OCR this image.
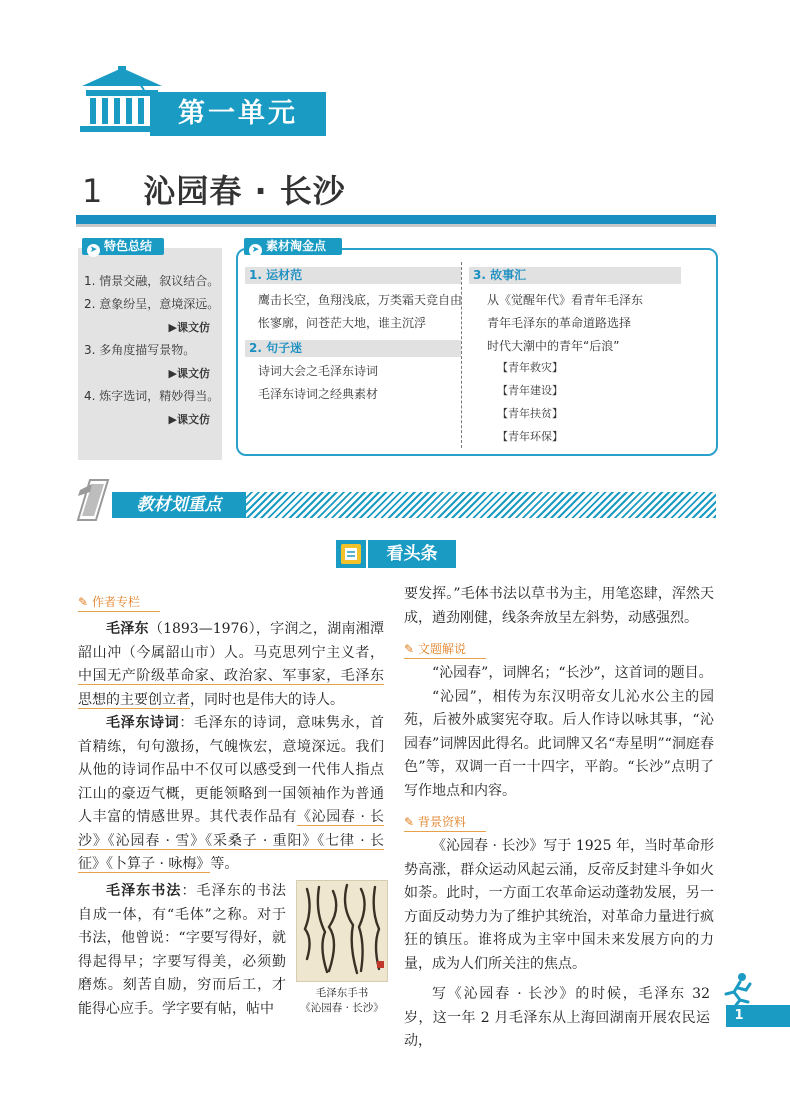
第一单元
1 沁园春 · 长沙
➤ 特色总结
1. 情景交融，叙议结合。
2. 意象纷呈，意境深远。
▶课文仿
3. 多角度描写景物。
▶课文仿
4. 炼字选词，精妙得当。
▶课文仿
➤ 素材淘金点
1. 运材范
鹰击长空，鱼翔浅底，万类霜天竞自由
怅寥廓，问苍茫大地，谁主沉浮
2. 句子迷
诗词大会之毛泽东诗词
毛泽东诗词之经典素材
3. 故事汇
从《觉醒年代》看青年毛泽东
青年毛泽东的革命道路选择
时代大潮中的青年“后浪”
【青年救灾】
【青年建设】
【青年扶贫】
【青年环保】
教材划重点
看头条
✎ 作者专栏

毛泽东（1893—1976），字润之，湖南湘潭韶山冲（今属韶山市）人。马克思列宁主义者，中国无产阶级革命家、政治家、军事家，毛泽东思想的主要创立者，同时也是伟大的诗人。

毛泽东诗词：毛泽东的诗词，意味隽永，首首精练，句句激扬，气魄恢宏，意境深远。我们从他的诗词作品中不仅可以感受到一代伟人指点江山的豪迈气概，更能领略到一国领袖作为普通人丰富的情感世界。其代表作品有《沁园春 · 长沙》《沁园春 · 雪》《采桑子 · 重阳》《七律 · 长征》《卜算子 · 咏梅》等。

毛泽东书法：毛泽东的书法自成一体，有“毛体”之称。对于书法，他曾说：“字要写得好，就得起得早；字要写得美，必须勤磨炼。刻苦自励，穷而后工，才能得心应手。学字要有帖，帖中

毛泽东手书
《沁园春 · 长沙》

要发挥。”毛体书法以草书为主，用笔恣肆，浑然天成，遒劲刚健，线条奔放呈左斜势，动感强烈。

✎ 文题解说

“沁园春”，词牌名；“长沙”，这首词的题目。

“沁园”，相传为东汉明帝女儿沁水公主的园苑，后被外戚窦宪夺取。后人作诗以咏其事，“沁园春”词牌因此得名。此词牌又名“寿星明”“洞庭春色”等，双调一百一十四字，平韵。“长沙”点明了写作地点和内容。

✎ 背景资料

《沁园春 · 长沙》写于 1925 年，当时革命形势高涨，群众运动风起云涌，反帝反封建斗争如火如荼。此时，一方面工农革命运动蓬勃发展，另一方面反动势力为了维护其统治，对革命力量进行疯狂的镇压。谁将成为主宰中国未来发展方向的力量，成为人们所关注的焦点。

写《沁园春 · 长沙》的时候，毛泽东 32 岁，这一年 2 月毛泽东从上海回湖南开展农民运动，

1
